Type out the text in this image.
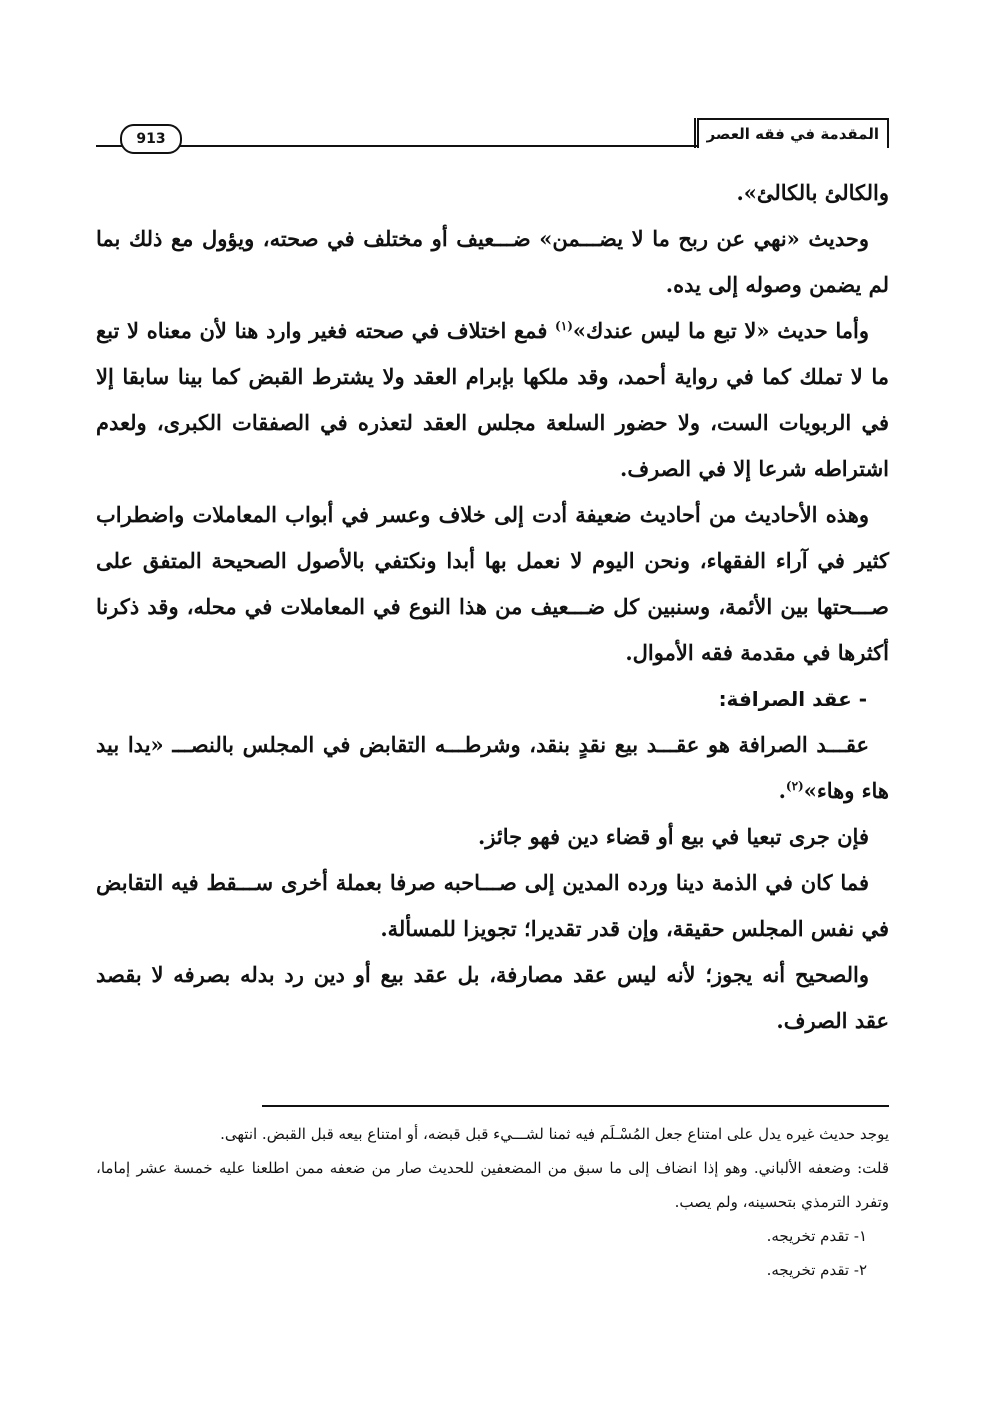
المقدمة في فقه العصر
913

والكالئ بالكالئ».

وحديث «نهي عن ربح ما لا يضـــمن» ضـــعيف أو مختلف في صحته، ويؤول مع ذلك بما لم يضمن وصوله إلى يده.

وأما حديث «لا تبع ما ليس عندك»$^{(١)}$ فمع اختلاف في صحته فغير وارد هنا لأن معناه لا تبع ما لا تملك كما في رواية أحمد، وقد ملكها بإبرام العقد ولا يشترط القبض كما بينا سابقا إلا في الربويات الست، ولا حضور السلعة مجلس العقد لتعذره في الصفقات الكبرى، ولعدم اشتراطه شرعا إلا في الصرف.

وهذه الأحاديث من أحاديث ضعيفة أدت إلى خلاف وعسر في أبواب المعاملات واضطراب كثير في آراء الفقهاء، ونحن اليوم لا نعمل بها أبدا ونكتفي بالأصول الصحيحة المتفق على صـــحتها بين الأئمة، وسنبين كل ضـــعيف من هذا النوع في المعاملات في محله، وقد ذكرنا أكثرها في مقدمة فقه الأموال.

- عقد الصرافة:

عقـــد الصرافة هو عقـــد بيع نقدٍ بنقد، وشرطـــه التقابض في المجلس بالنصـــ «يدا بيد هاء وهاء»$^{(٢)}$.

فإن جرى تبعيا في بيع أو قضاء دين فهو جائز.

فما كان في الذمة دينا ورده المدين إلى صـــاحبه صرفا بعملة أخرى ســـقط فيه التقابض في نفس المجلس حقيقة، وإن قدر تقديرا؛ تجويزا للمسألة.

والصحيح أنه يجوز؛ لأنه ليس عقد مصارفة، بل عقد بيع أو دين رد بدله بصرفه لا بقصد عقد الصرف.

يوجد حديث غيره يدل على امتناع جعل المُسْـلَم فيه ثمنا لشـــيء قبل قبضه، أو امتناع بيعه قبل القبض. انتهى.

قلت: وضعفه الألباني. وهو إذا انضاف إلى ما سبق من المضعفين للحديث صار من ضعفه ممن اطلعنا عليه خمسة عشر إماما، وتفرد الترمذي بتحسينه، ولم يصب.

١- تقدم تخريجه.

٢- تقدم تخريجه.
